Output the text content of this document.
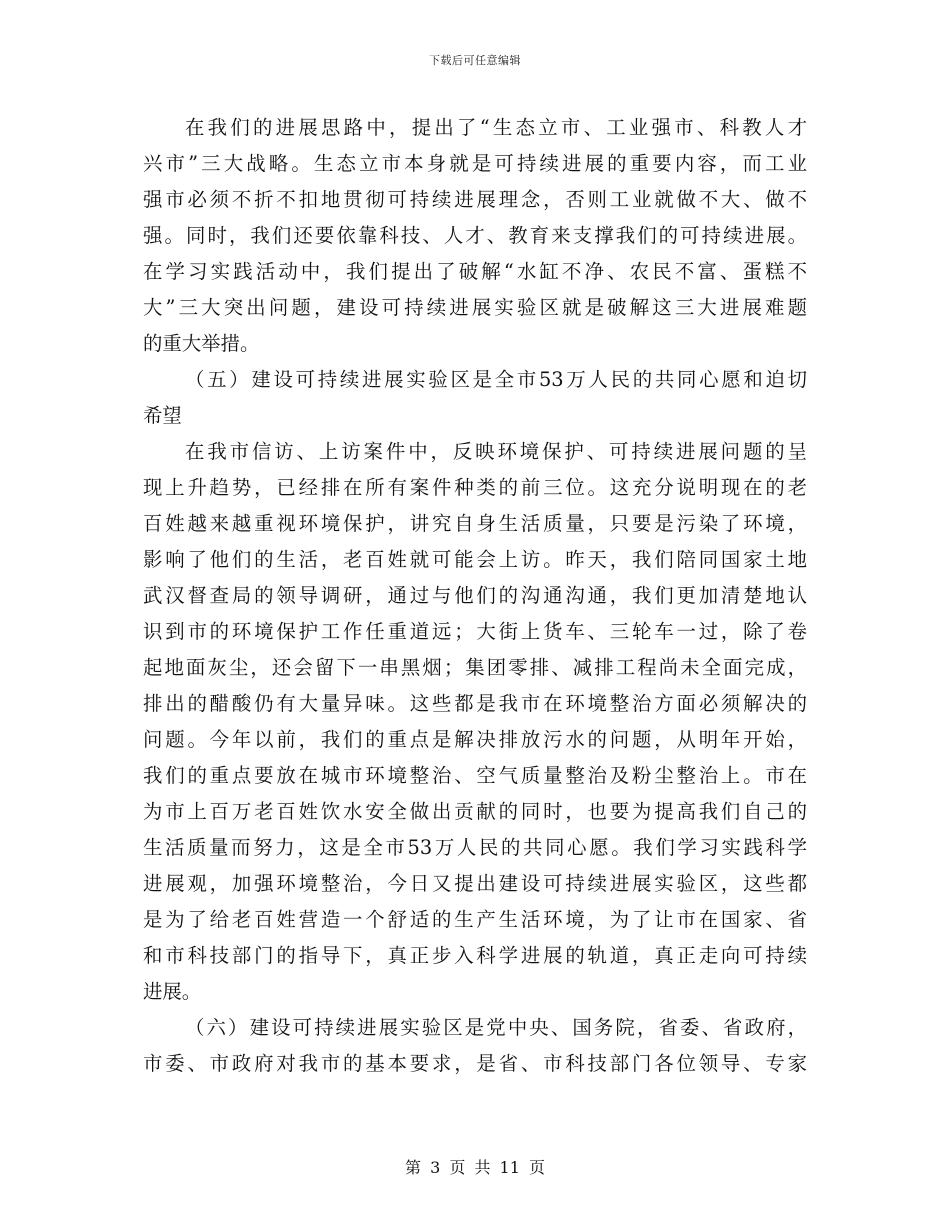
下载后可任意编辑
在我们的进展思路中，提出了“生态立市、工业强市、科教人才
兴市”三大战略。生态立市本身就是可持续进展的重要内容，而工业
强市必须不折不扣地贯彻可持续进展理念，否则工业就做不大、做不
强。同时，我们还要依靠科技、人才、教育来支撑我们的可持续进展。
在学习实践活动中，我们提出了破解“水缸不净、农民不富、蛋糕不
大”三大突出问题，建设可持续进展实验区就是破解这三大进展难题
的重大举措。
（五）建设可持续进展实验区是全市53万人民的共同心愿和迫切
希望
在我市信访、上访案件中，反映环境保护、可持续进展问题的呈
现上升趋势，已经排在所有案件种类的前三位。这充分说明现在的老
百姓越来越重视环境保护，讲究自身生活质量，只要是污染了环境，
影响了他们的生活，老百姓就可能会上访。昨天，我们陪同国家土地
武汉督查局的领导调研，通过与他们的沟通沟通，我们更加清楚地认
识到市的环境保护工作任重道远；大街上货车、三轮车一过，除了卷
起地面灰尘，还会留下一串黑烟；集团零排、减排工程尚未全面完成，
排出的醋酸仍有大量异味。这些都是我市在环境整治方面必须解决的
问题。今年以前，我们的重点是解决排放污水的问题，从明年开始，
我们的重点要放在城市环境整治、空气质量整治及粉尘整治上。市在
为市上百万老百姓饮水安全做出贡献的同时，也要为提高我们自己的
生活质量而努力，这是全市53万人民的共同心愿。我们学习实践科学
进展观，加强环境整治，今日又提出建设可持续进展实验区，这些都
是为了给老百姓营造一个舒适的生产生活环境，为了让市在国家、省
和市科技部门的指导下，真正步入科学进展的轨道，真正走向可持续
进展。
（六）建设可持续进展实验区是党中央、国务院，省委、省政府，
市委、市政府对我市的基本要求，是省、市科技部门各位领导、专家
第 3 页 共 11 页
